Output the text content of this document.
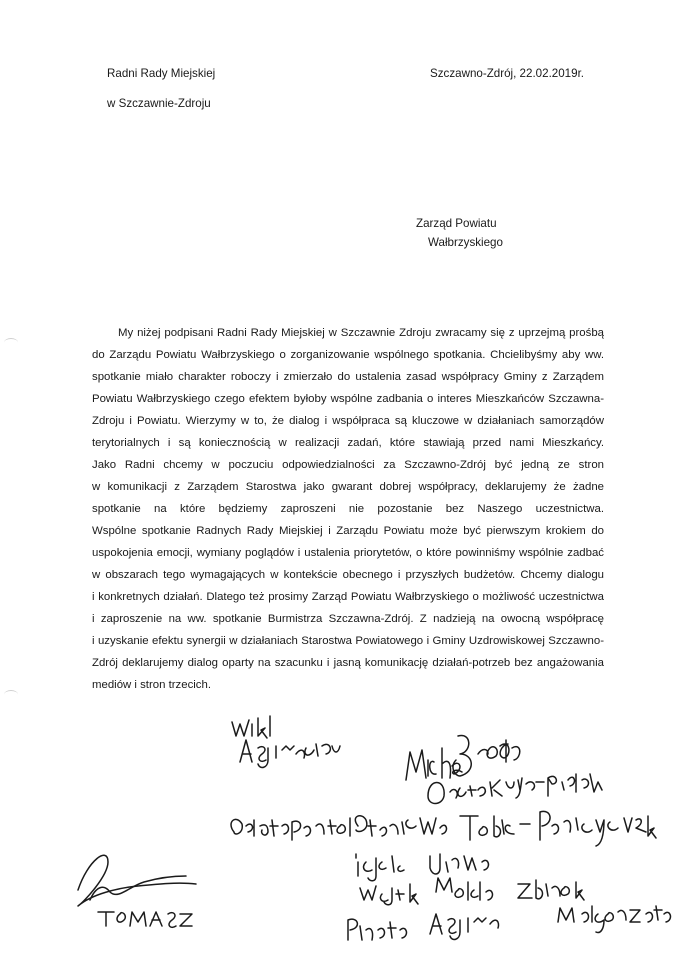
Radni Rady Miejskiej
w Szczawnie-Zdroju
Szczawno-Zdrój, 22.02.2019r.
Zarząd Powiatu
Wałbrzyskiego
My niżej podpisani Radni Rady Miejskiej w Szczawnie Zdroju zwracamy się z uprzejmą prośbą
do Zarządu Powiatu Wałbrzyskiego o zorganizowanie wspólnego spotkania. Chcielibyśmy aby ww.
spotkanie miało charakter roboczy i zmierzało do ustalenia zasad współpracy Gminy z Zarządem
Powiatu Wałbrzyskiego czego efektem byłoby wspólne zadbania o interes Mieszkańców Szczawna-
Zdroju i Powiatu. Wierzymy w to, że dialog i współpraca są kluczowe w działaniach samorządów
terytorialnych i są koniecznością w realizacji zadań, które stawiają przed nami Mieszkańcy.
Jako Radni chcemy w poczuciu odpowiedzialności za Szczawno-Zdrój być jedną ze stron
w komunikacji z Zarządem Starostwa jako gwarant dobrej współpracy, deklarujemy że żadne
spotkanie na które będziemy zaproszeni nie pozostanie bez Naszego uczestnictwa.
Wspólne spotkanie Radnych Rady Miejskiej i Zarządu Powiatu może być pierwszym krokiem do
uspokojenia emocji, wymiany poglądów i ustalenia priorytetów, o które powinniśmy wspólnie zadbać
w obszarach tego wymagających w kontekście obecnego i przyszłych budżetów. Chcemy dialogu
i konkretnych działań. Dlatego też prosimy Zarząd Powiatu Wałbrzyskiego o możliwość uczestnictwa
i zaproszenie na ww. spotkanie Burmistrza Szczawna-Zdrój. Z nadzieją na owocną współpracę
i uzyskanie efektu synergii w działaniach Starostwa Powiatowego i Gminy Uzdrowiskowej Szczawno-
Zdrój deklarujemy dialog oparty na szacunku i jasną komunikację działań-potrzeb bez angażowania
mediów i stron trzecich.
